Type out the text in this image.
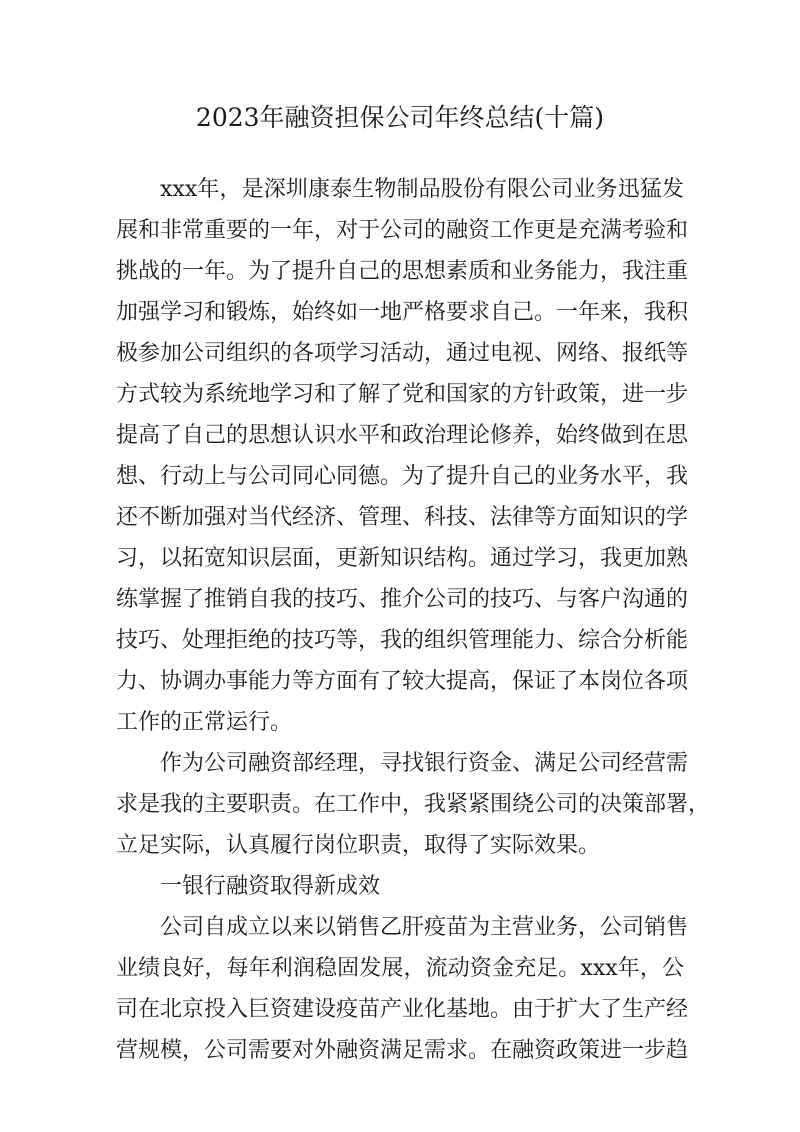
2023年融资担保公司年终总结(十篇)
xxx年，是深圳康泰生物制品股份有限公司业务迅猛发
展和非常重要的一年，对于公司的融资工作更是充满考验和
挑战的一年。为了提升自己的思想素质和业务能力，我注重
加强学习和锻炼，始终如一地严格要求自己。一年来，我积
极参加公司组织的各项学习活动，通过电视、网络、报纸等
方式较为系统地学习和了解了党和国家的方针政策，进一步
提高了自己的思想认识水平和政治理论修养，始终做到在思
想、行动上与公司同心同德。为了提升自己的业务水平，我
还不断加强对当代经济、管理、科技、法律等方面知识的学
习，以拓宽知识层面，更新知识结构。通过学习，我更加熟
练掌握了推销自我的技巧、推介公司的技巧、与客户沟通的
技巧、处理拒绝的技巧等，我的组织管理能力、综合分析能
力、协调办事能力等方面有了较大提高，保证了本岗位各项
工作的正常运行。
作为公司融资部经理，寻找银行资金、满足公司经营需
求是我的主要职责。在工作中，我紧紧围绕公司的决策部署，
立足实际，认真履行岗位职责，取得了实际效果。
一银行融资取得新成效
公司自成立以来以销售乙肝疫苗为主营业务，公司销售
业绩良好，每年利润稳固发展，流动资金充足。xxx年，公
司在北京投入巨资建设疫苗产业化基地。由于扩大了生产经
营规模，公司需要对外融资满足需求。在融资政策进一步趋
